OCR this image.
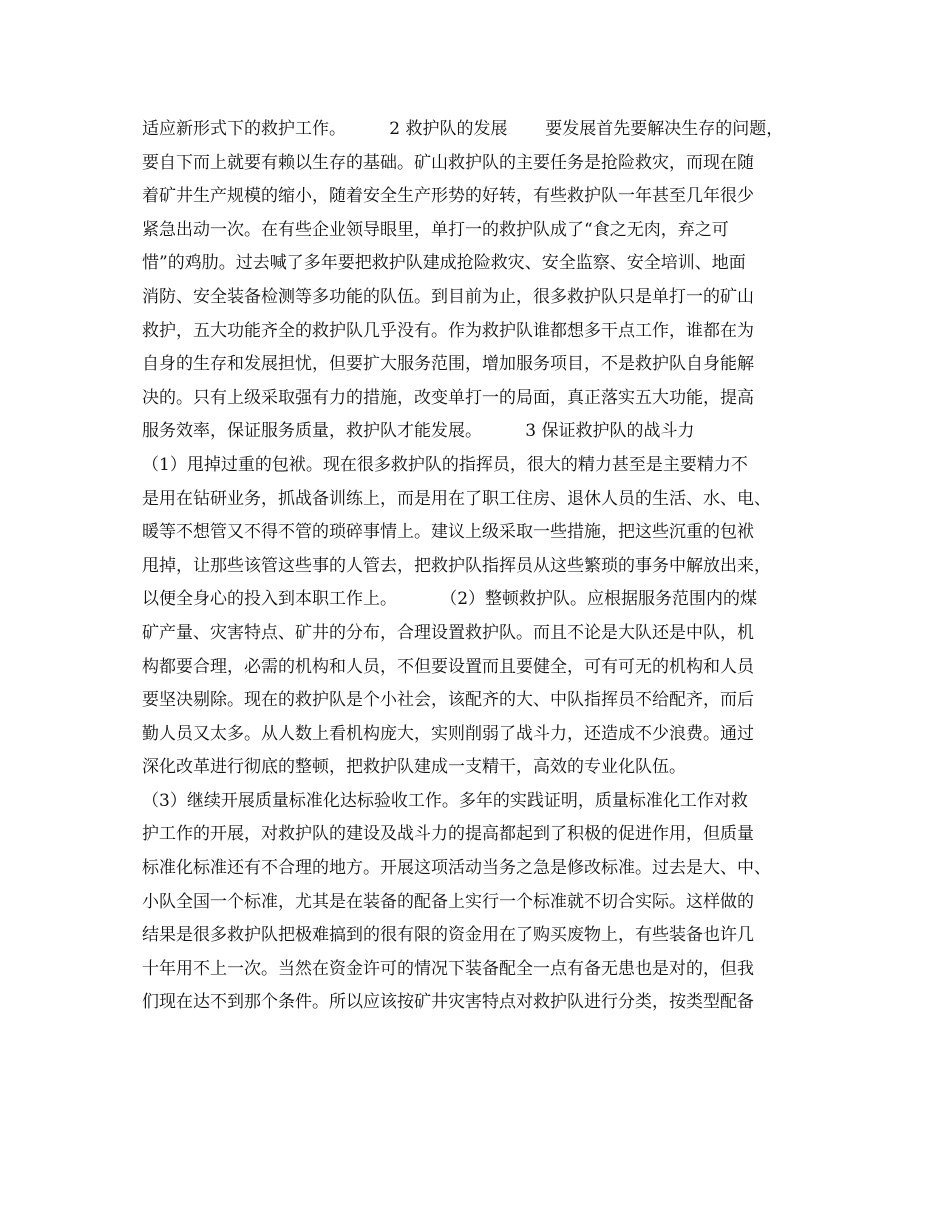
适应新形式下的救护工作。        2 救护队的发展       要发展首先要解决生存的问题，
要自下而上就要有赖以生存的基础。矿山救护队的主要任务是抢险救灾，而现在随
着矿井生产规模的缩小，随着安全生产形势的好转，有些救护队一年甚至几年很少
紧急出动一次。在有些企业领导眼里，单打一的救护队成了“食之无肉，弃之可
惜”的鸡肋。过去喊了多年要把救护队建成抢险救灾、安全监察、安全培训、地面
消防、安全装备检测等多功能的队伍。到目前为止，很多救护队只是单打一的矿山
救护，五大功能齐全的救护队几乎没有。作为救护队谁都想多干点工作，谁都在为
自身的生存和发展担忧，但要扩大服务范围，增加服务项目，不是救护队自身能解
决的。只有上级采取强有力的措施，改变单打一的局面，真正落实五大功能，提高
服务效率，保证服务质量，救护队才能发展。        3 保证救护队的战斗力
（1）甩掉过重的包袱。现在很多救护队的指挥员，很大的精力甚至是主要精力不
是用在钻研业务，抓战备训练上，而是用在了职工住房、退休人员的生活、水、电、
暖等不想管又不得不管的琐碎事情上。建议上级采取一些措施，把这些沉重的包袱
甩掉，让那些该管这些事的人管去，把救护队指挥员从这些繁琐的事务中解放出来，
以便全身心的投入到本职工作上。        （2）整顿救护队。应根据服务范围内的煤
矿产量、灾害特点、矿井的分布，合理设置救护队。而且不论是大队还是中队，机
构都要合理，必需的机构和人员，不但要设置而且要健全，可有可无的机构和人员
要坚决剔除。现在的救护队是个小社会，该配齐的大、中队指挥员不给配齐，而后
勤人员又太多。从人数上看机构庞大，实则削弱了战斗力，还造成不少浪费。通过
深化改革进行彻底的整顿，把救护队建成一支精干，高效的专业化队伍。
（3）继续开展质量标准化达标验收工作。多年的实践证明，质量标准化工作对救
护工作的开展，对救护队的建设及战斗力的提高都起到了积极的促进作用，但质量
标准化标准还有不合理的地方。开展这项活动当务之急是修改标准。过去是大、中、
小队全国一个标准，尤其是在装备的配备上实行一个标准就不切合实际。这样做的
结果是很多救护队把极难搞到的很有限的资金用在了购买废物上，有些装备也许几
十年用不上一次。当然在资金许可的情况下装备配全一点有备无患也是对的，但我
们现在达不到那个条件。所以应该按矿井灾害特点对救护队进行分类，按类型配备
